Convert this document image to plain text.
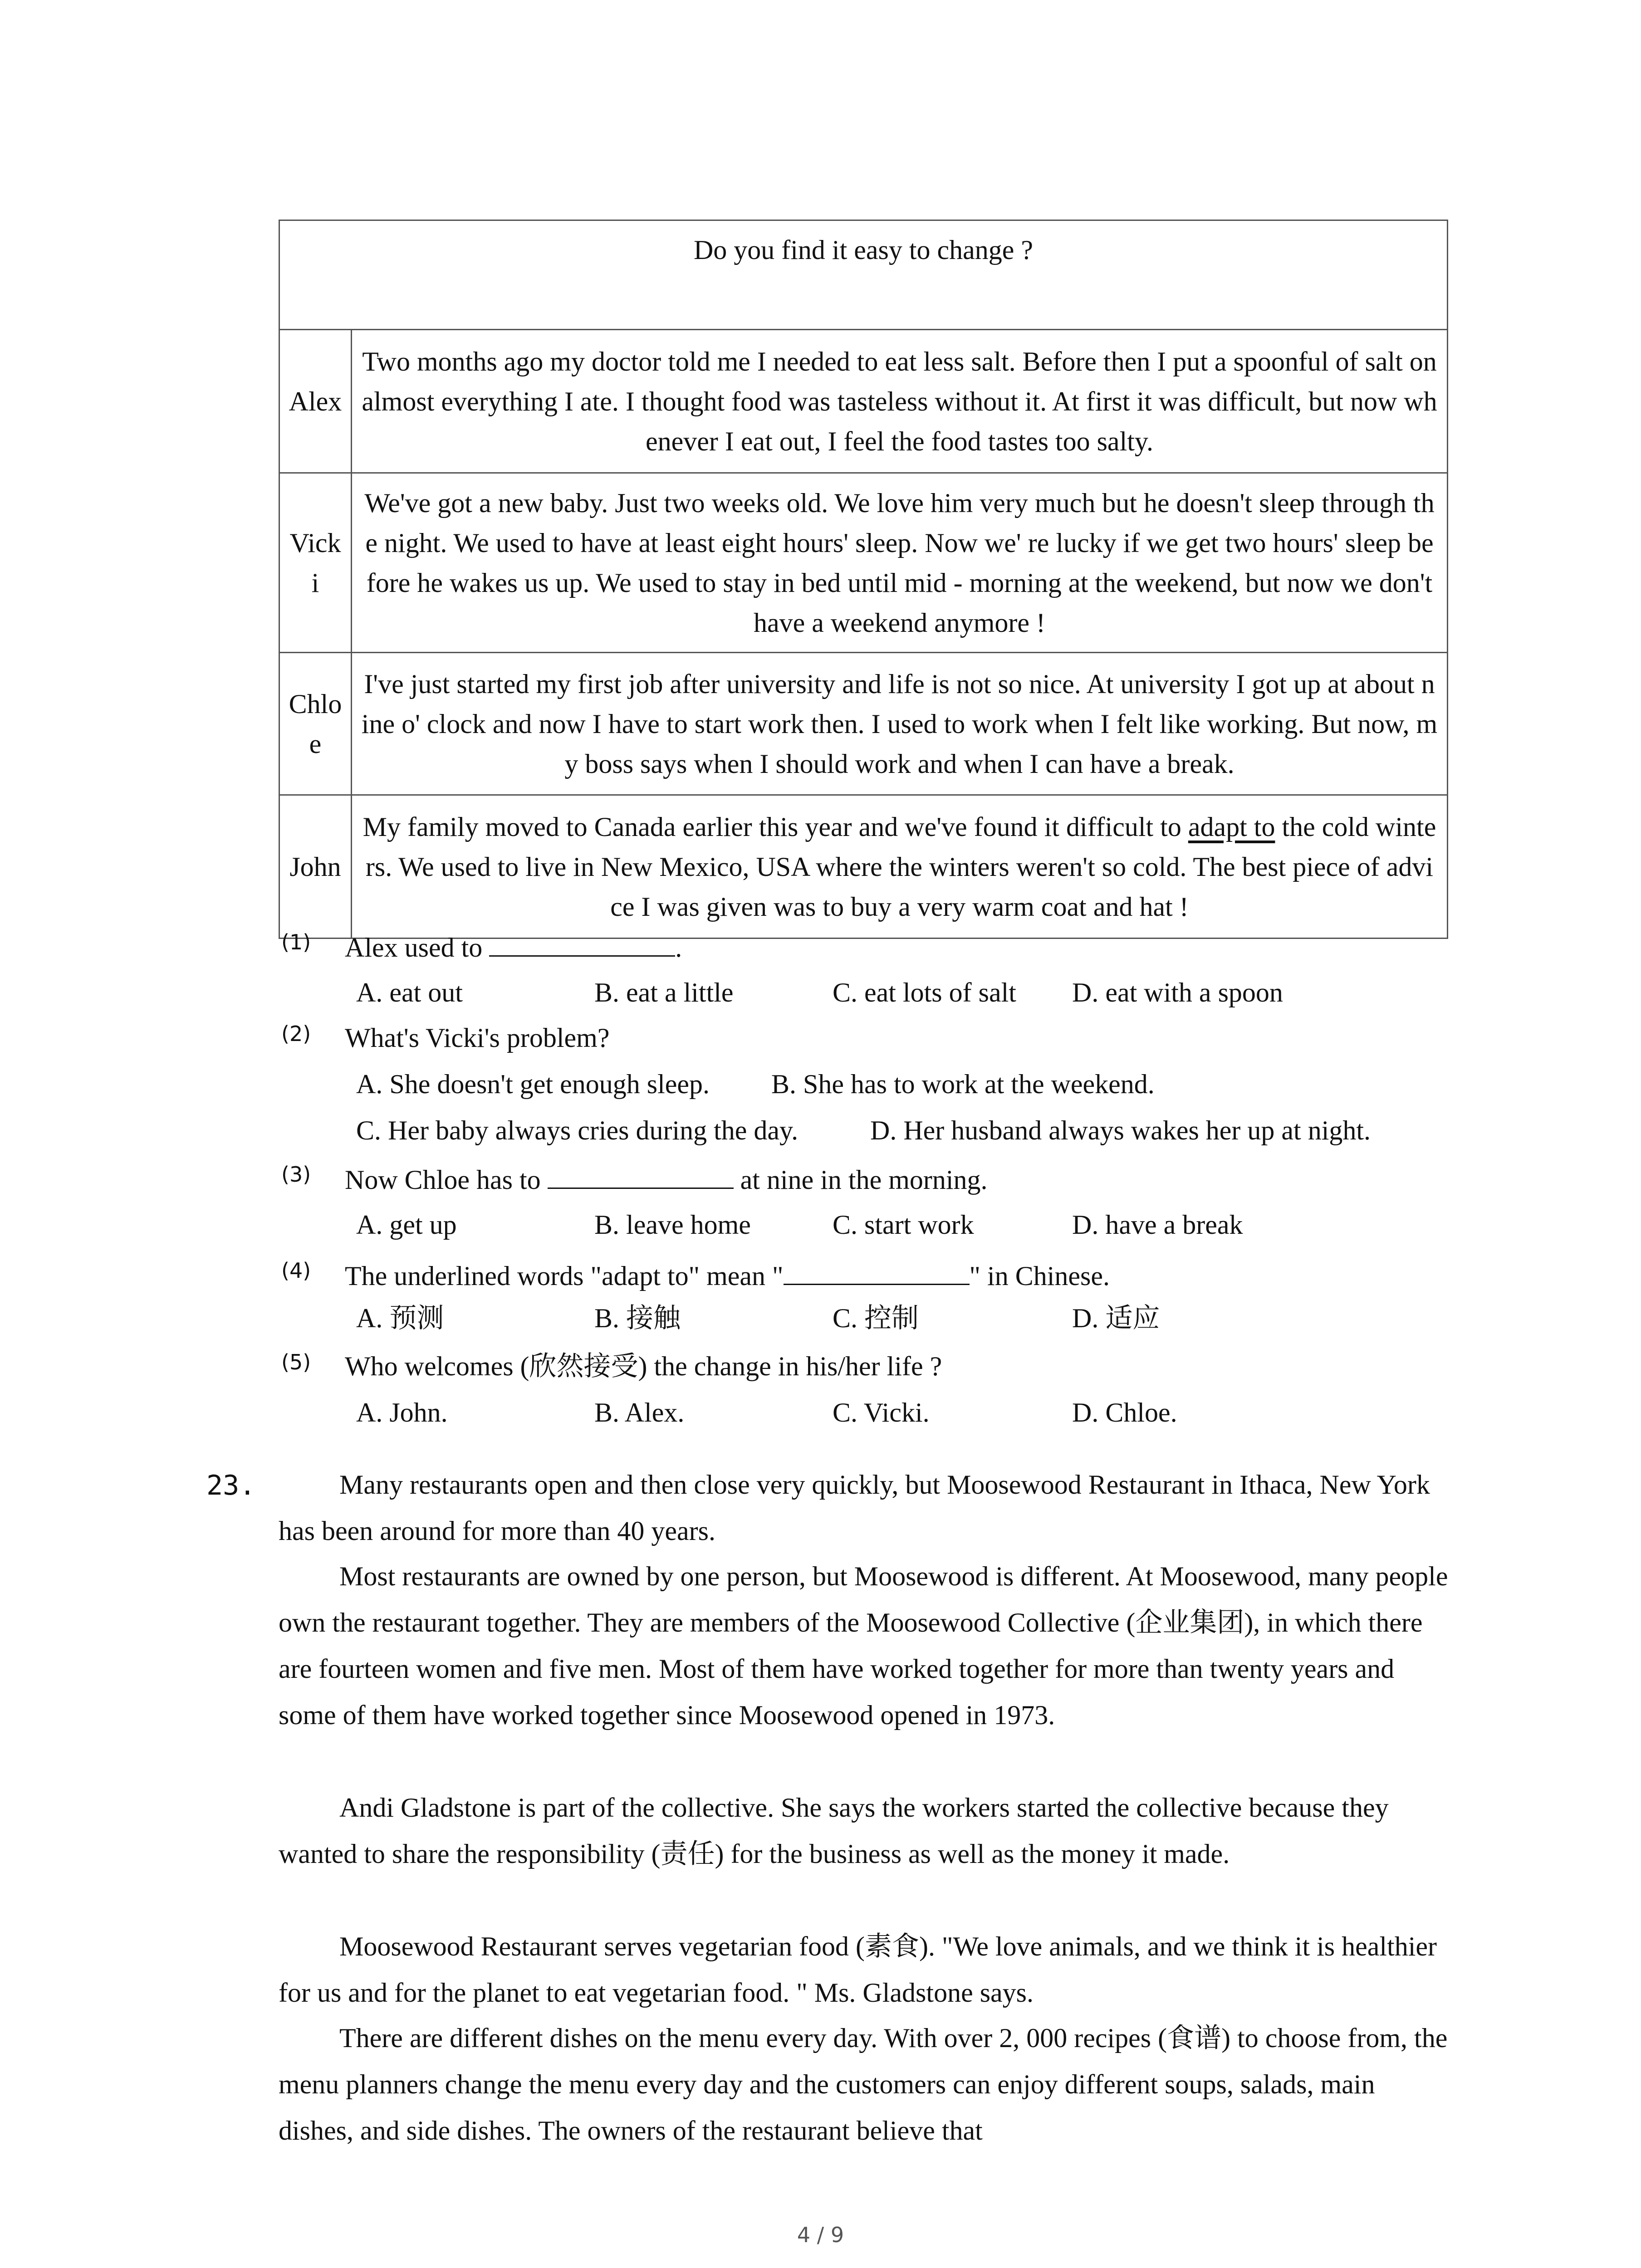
Do you find it easy to change ?	
Alex	Two months ago my doctor told me I needed to eat less salt. Before then I put a spoonful of salt on almost everything I ate. I thought food was tasteless without it. At first it was difficult, but now whenever I eat out, I feel the food tastes too salty.
Vicki	We've got a new baby. Just two weeks old. We love him very much but he doesn't sleep through the night. We used to have at least eight hours' sleep. Now we' re lucky if we get two hours' sleep before he wakes us up. We used to stay in bed until mid - morning at the weekend, but now we don't have a weekend anymore !
Chloe	I've just started my first job after university and life is not so nice. At university I got up at about nine o' clock and now I have to start work then. I used to work when I felt like working. But now, my boss says when I should work and when I can have a break.
John	My family moved to Canada earlier this year and we've found it difficult to adapt to the cold winters. We used to live in New Mexico, USA where the winters weren't so cold. The best piece of advice I was given was to buy a very warm coat and hat !
(1) Alex used to	.
A. eat out	B. eat a little	C. eat lots of salt D. eat with a spoon
(2) What's Vicki's problem?
A. She doesn't get enough sleep. B. She has to work at the weekend.
C. Her baby always cries during the day.	D. Her husband always wakes her up at night.
(3) Now Chloe has to	at nine in the morning.
A. get up	B. leave home	C. start work	D. have a break
(4) The underlined words "adapt to" mean "	" in Chinese.
A. 预测	B. 接触	C. 控制	D. 适应
(5) Who welcomes (欣然接受) the change in his/her life ?
A. John.	B. Alex.	C. Vicki.	D. Chloe.
23.	Many restaurants open and then close very quickly, but Moosewood Restaurant in Ithaca, New York has been around for more than 40 years.

Most restaurants are owned by one person, but Moosewood is different. At Moosewood, many people own the restaurant together. They are members of the Moosewood Collective (企业集团), in which there are fourteen women and five men. Most of them have worked together for more than twenty years and some of them have worked together since Moosewood opened in 1973.

Andi Gladstone is part of the collective. She says the workers started the collective because they wanted to share the responsibility (责任) for the business as well as the money it made.

Moosewood Restaurant serves vegetarian food (素食). "We love animals, and we think it is healthier for us and for the planet to eat vegetarian food. " Ms. Gladstone says.

There are different dishes on the menu every day. With over 2, 000 recipes (食谱) to choose from, the menu planners change the menu every day and the customers can enjoy different soups, salads, main dishes, and side dishes. The owners of the restaurant believe that

4 / 9
